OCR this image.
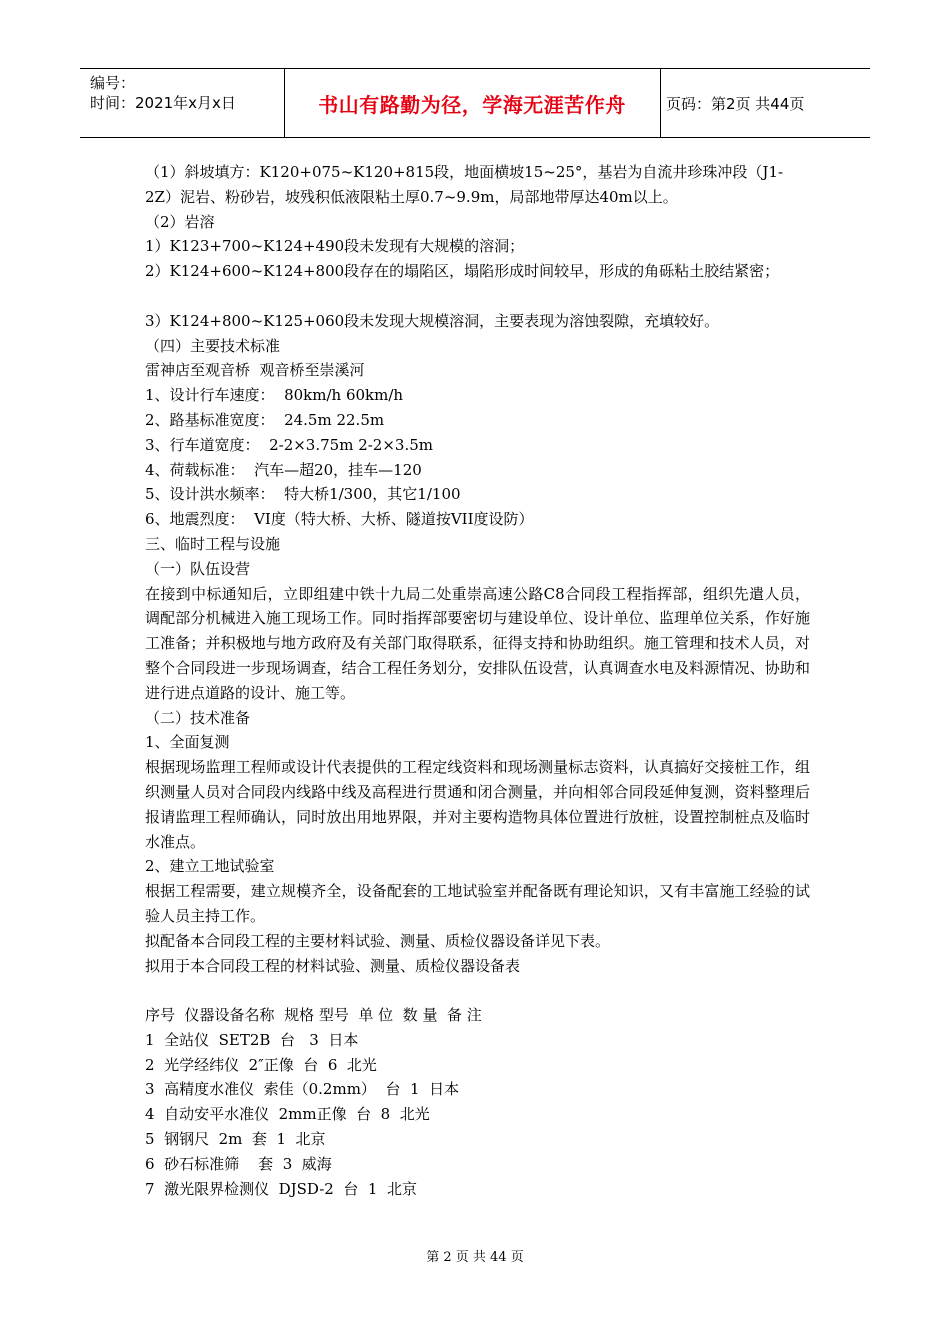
编号：
时间：2021年x月x日	书山有路勤为径，学海无涯苦作舟	页码：第2页 共44页
（1）斜坡填方：K120+075~K120+815段，地面横坡15~25°，基岩为自流井珍珠冲段（J1-
2Z）泥岩、粉砂岩，坡残积低液限粘土厚0.7~9.9m，局部地带厚达40m以上。
（2）岩溶
1）K123+700~K124+490段未发现有大规模的溶洞；
2）K124+600~K124+800段存在的塌陷区，塌陷形成时间较早，形成的角砾粘土胶结紧密；
3）K124+800~K125+060段未发现大规模溶洞，主要表现为溶蚀裂隙，充填较好。
（四）主要技术标准
雷神店至观音桥  观音桥至崇溪河
1、设计行车速度：  80km/h 60km/h
2、路基标准宽度：  24.5m 22.5m
3、行车道宽度：  2-2×3.75m 2-2×3.5m
4、荷载标准：  汽车—超20，挂车—120
5、设计洪水频率：  特大桥1/300，其它1/100
6、地震烈度：  VI度（特大桥、大桥、隧道按VII度设防）
三、临时工程与设施
（一）队伍设营
在接到中标通知后，立即组建中铁十九局二处重崇高速公路C8合同段工程指挥部，组织先遣人员，调配部分机械进入施工现场工作。同时指挥部要密切与建设单位、设计单位、监理单位关系，作好施工准备；并积极地与地方政府及有关部门取得联系，征得支持和协助组织。施工管理和技术人员，对整个合同段进一步现场调查，结合工程任务划分，安排队伍设营，认真调查水电及料源情况、协助和进行进点道路的设计、施工等。
（二）技术准备
1、全面复测
根据现场监理工程师或设计代表提供的工程定线资料和现场测量标志资料，认真搞好交接桩工作，组织测量人员对合同段内线路中线及高程进行贯通和闭合测量，并向相邻合同段延伸复测，资料整理后报请监理工程师确认，同时放出用地界限，并对主要构造物具体位置进行放桩，设置控制桩点及临时水准点。
2、建立工地试验室
根据工程需要，建立规模齐全，设备配套的工地试验室并配备既有理论知识，又有丰富施工经验的试验人员主持工作。
拟配备本合同段工程的主要材料试验、测量、质检仪器设备详见下表。
拟用于本合同段工程的材料试验、测量、质检仪器设备表
序号  仪器设备名称  规格 型号  单 位  数 量  备 注
1  全站仪  SET2B  台   3  日本
2  光学经纬仪  2″正像  台  6  北光
3  高精度水准仪  索佳（0.2mm）  台  1  日本
4  自动安平水准仪  2mm正像  台  8  北光
5  钢钢尺  2m  套  1  北京
6  砂石标准筛    套  3  威海
7  激光限界检测仪  DJSD-2  台  1  北京
第 2 页 共 44 页
